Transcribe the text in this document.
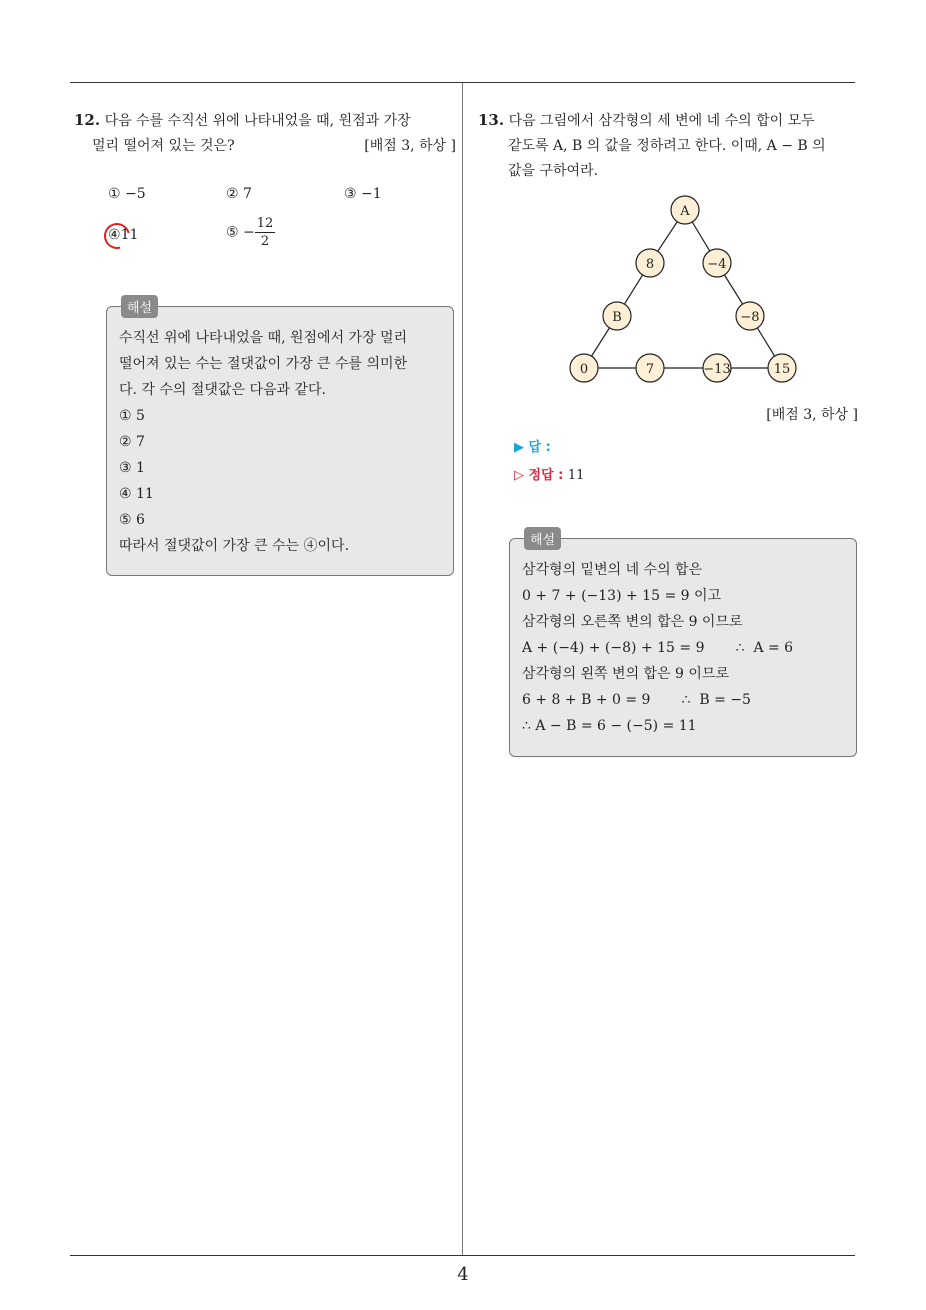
12. 다음 수를 수직선 위에 나타내었을 때, 원점과 가장
멀리 떨어져 있는 것은?	[배점 3, 하상 ]
① −5	② 7	③ −1
④11	⑤ − $\frac{12}{2}$
해설
수직선 위에 나타내었을 때, 원점에서 가장 멀리
떨어져 있는 수는 절댓값이 가장 큰 수를 의미한
다. 각 수의 절댓값은 다음과 같다.
① 5
② 7
③ 1
④ 11
⑤ 6
따라서 절댓값이 가장 큰 수는 ④이다.
13. 다음 그림에서 삼각형의 세 변에 네 수의 합이 모두
같도록 A, B 의 값을 정하려고 한다. 이때, A − B 의
값을 구하여라.
A
8	−4
B	−8
0	7	−13	15
[배점 3, 하상 ]
▶ 답 :
▷ 정답 : 11
해설
삼각형의 밑변의 네 수의 합은
0 + 7 + (−13) + 15 = 9 이고
삼각형의 오른쪽 변의 합은 9 이므로
A + (−4) + (−8) + 15 = 9       ∴  A = 6
삼각형의 왼쪽 변의 합은 9 이므로
6 + 8 + B + 0 = 9       ∴  B = −5
∴ A − B = 6 − (−5) = 11
4
